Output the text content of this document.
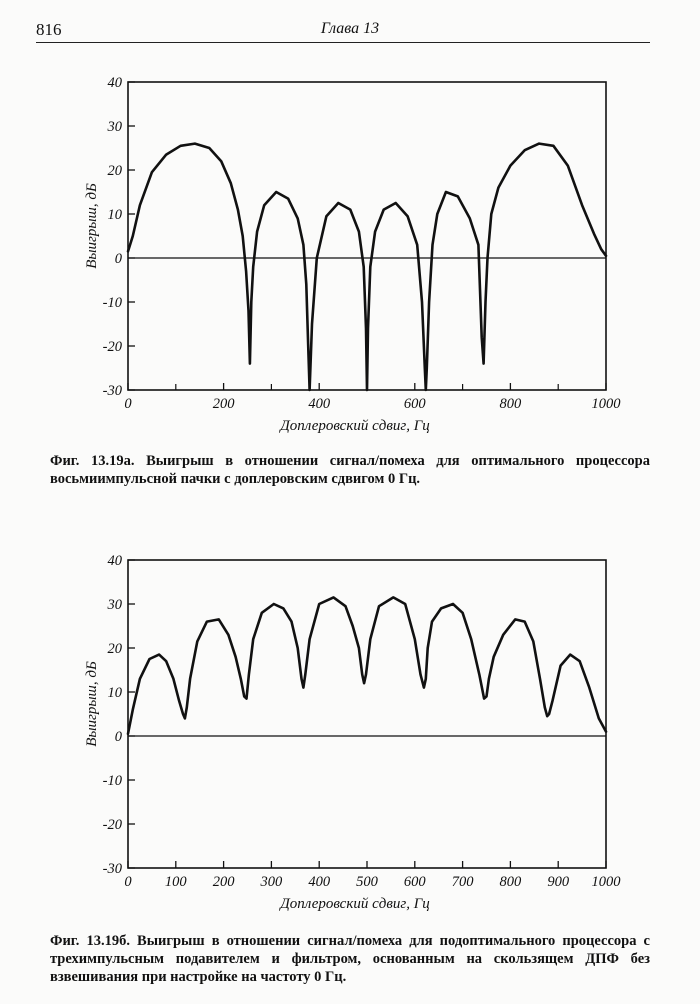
816	Глава 13
40
30
20
10
0
-10
-20
-30
0	200	400	600	800	1000
Доплеровский сдвиг, Гц
Выигрыш, дБ
Фиг. 13.19а. Выигрыш в отношении сигнал/помеха для оптимального процессора восьмиимпульсной пачки с доплеровским сдвигом 0 Гц.
40
30
20
10
0
-10
-20
-30
0 100 200 300 400 500 600 700 800 900 1000
Доплеровский сдвиг, Гц
Выигрыш, дБ
Фиг. 13.19б. Выигрыш в отношении сигнал/помеха для подоптимального процессора с трехимпульсным подавителем и фильтром, основанным на скользящем ДПФ без взвешивания при настройке на частоту 0 Гц.
